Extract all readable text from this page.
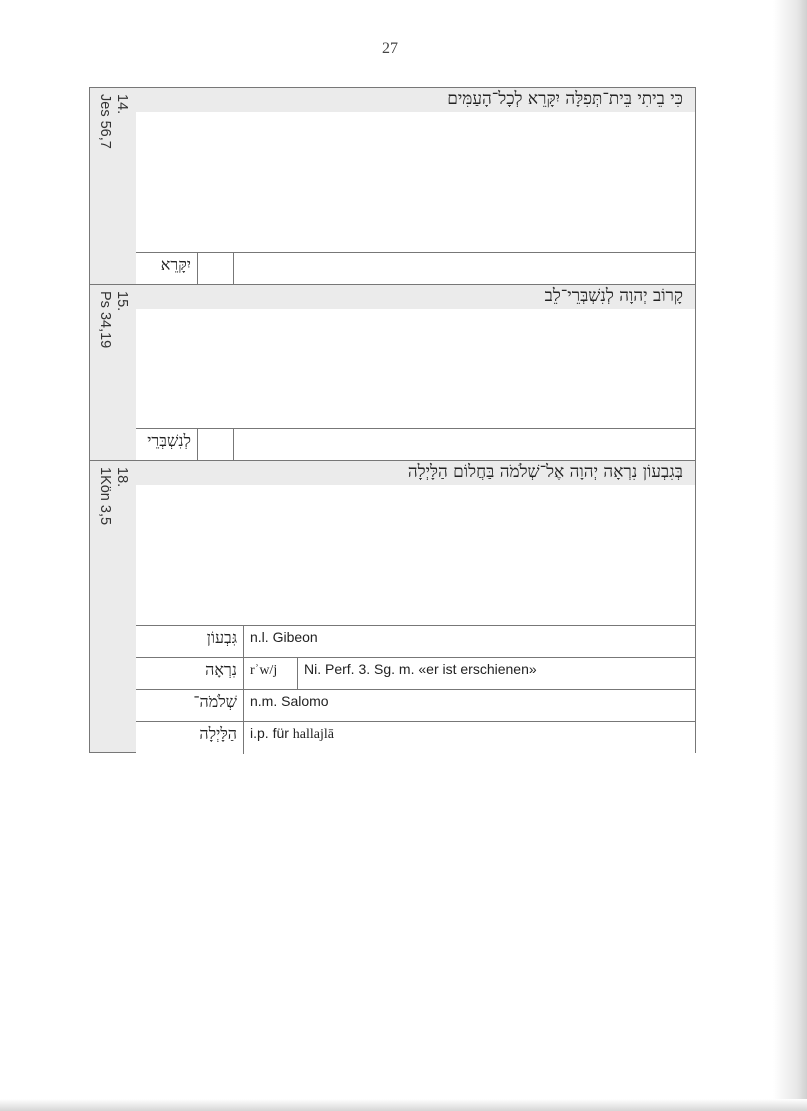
27
14.
Jes 56,7	כִּי בֵיתִי בֵּית־תְּפִלָּה יִקָּרֵא לְכָל־הָעַמִּים
יִקָּרֵא
15.
Ps 34,19	קָרוֹב יְהוָה לְנִשְׁבְּרֵי־לֵב
לְנִשְׁבְּרֵי
18.
1Kön 3,5	בְּגִבְעוֹן נִרְאָה יְהוָה אֶל־שְׁלֹמֹה בַּחֲלוֹם הַלָּיְלָה
גִּבְעוֹן n.l. Gibeon
נִרְאָה rʾw/j	Ni. Perf. 3. Sg. m. «er ist erschienen»
שְׁלֹמֹה־ n.m. Salomo
הַלָּיְלָה i.p. für hallajlā
